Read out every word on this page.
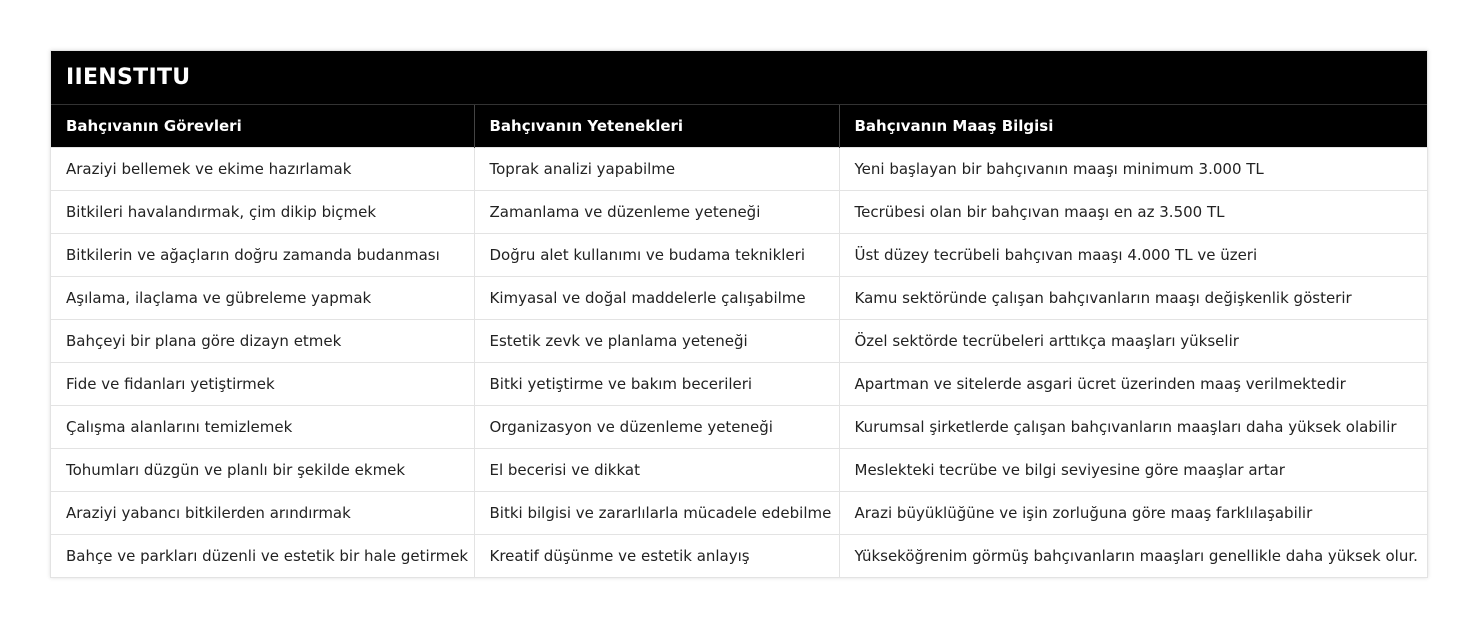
IIENSTITU
Bahçıvanın Görevleri	Bahçıvanın Yetenekleri	Bahçıvanın Maaş Bilgisi
Araziyi bellemek ve ekime hazırlamak	Toprak analizi yapabilme	Yeni başlayan bir bahçıvanın maaşı minimum 3.000 TL
Bitkileri havalandırmak, çim dikip biçmek	Zamanlama ve düzenleme yeteneği	Tecrübesi olan bir bahçıvan maaşı en az 3.500 TL
Bitkilerin ve ağaçların doğru zamanda budanması	Doğru alet kullanımı ve budama teknikleri	Üst düzey tecrübeli bahçıvan maaşı 4.000 TL ve üzeri
Aşılama, ilaçlama ve gübreleme yapmak	Kimyasal ve doğal maddelerle çalışabilme	Kamu sektöründe çalışan bahçıvanların maaşı değişkenlik gösterir
Bahçeyi bir plana göre dizayn etmek	Estetik zevk ve planlama yeteneği	Özel sektörde tecrübeleri arttıkça maaşları yükselir
Fide ve fidanları yetiştirmek	Bitki yetiştirme ve bakım becerileri	Apartman ve sitelerde asgari ücret üzerinden maaş verilmektedir
Çalışma alanlarını temizlemek	Organizasyon ve düzenleme yeteneği	Kurumsal şirketlerde çalışan bahçıvanların maaşları daha yüksek olabilir
Tohumları düzgün ve planlı bir şekilde ekmek	El becerisi ve dikkat	Meslekteki tecrübe ve bilgi seviyesine göre maaşlar artar
Araziyi yabancı bitkilerden arındırmak	Bitki bilgisi ve zararlılarla mücadele edebilme	Arazi büyüklüğüne ve işin zorluğuna göre maaş farklılaşabilir
Bahçe ve parkları düzenli ve estetik bir hale getirmek	Kreatif düşünme ve estetik anlayış	Yükseköğrenim görmüş bahçıvanların maaşları genellikle daha yüksek olur.
